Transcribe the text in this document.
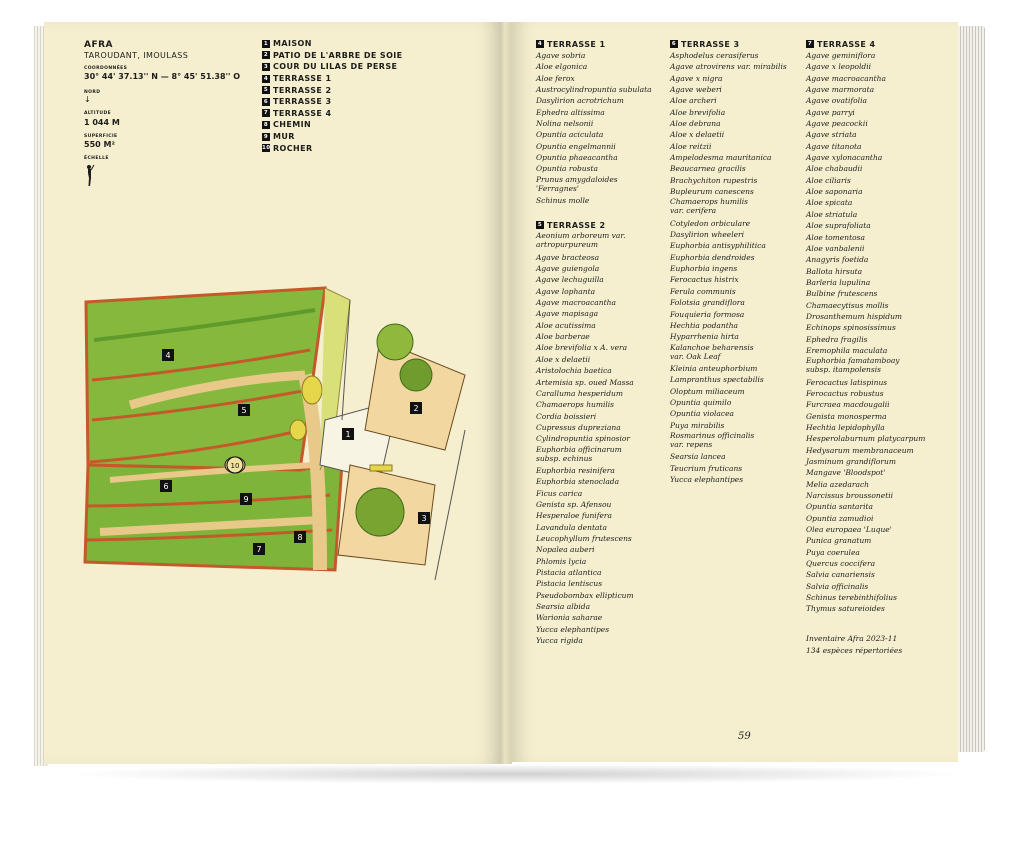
AFRA
TAROUDANT, IMOULASS
COORDONNÉES
30° 44' 37.13'' N — 8° 45' 51.38'' O
NORD
↓
ALTITUDE
1 044 M
SUPERFICIE
550 M²
ÉCHELLE
1 MAISON
2 PATIO DE L'ARBRE DE SOIE
3 COUR DU LILAS DE PERSE
4 TERRASSE 1
5 TERRASSE 2
6 TERRASSE 3
7 TERRASSE 4
8 CHEMIN
9 MUR
10 ROCHER
1
2
3
4
5
6
7
8
9
10
4 TERRASSE 1
Agave sobria
Aloe elgonica
Aloe ferox
Austrocylindropuntia subulata
Dasylirion acrotrichum
Ephedra altissima
Nolina nelsonii
Opuntia aciculata
Opuntia engelmannii
Opuntia phaeacantha
Opuntia robusta
Prunus amygdaloides 'Ferragnes'
Schinus molle
5 TERRASSE 2
Aeonium arboreum var. artropurpureum
Agave bracteosa
Agave guiengola
Agave lechuguilla
Agave lophanta
Agave macroacantha
Agave mapisaga
Aloe acutissima
Aloe barberae
Aloe brevifolia x A. vera
Aloe x delaetii
Aristolochia baetica
Artemisia sp. oued Massa
Caralluma hesperidum
Chamaerops humilis
Cordia boissieri
Cupressus dupreziana
Cylindropuntia spinosior
Euphorbia officinarum subsp. echinus
Euphorbia resinifera
Euphorbia stenoclada
Ficus carica
Genista sp. Afensou
Hesperaloe funifera
Lavandula dentata
Leucophyllum frutescens
Nopalea auberi
Phlomis lycia
Pistacia atlantica
Pistacia lentiscus
Pseudobombax ellipticum
Searsia albida
Warionia saharae
Yucca elephantipes
Yucca rigida
6 TERRASSE 3
Asphodelus cerasiferus
Agave atrovirens var. mirabilis
Agave x nigra
Agave weberi
Aloe archeri
Aloe brevifolia
Aloe debrana
Aloe x delaetii
Aloe reitzii
Ampelodesma mauritanica
Beaucarnea gracilis
Brachychiton rupestris
Bupleurum canescens
Chamaerops humilis var. cerifera
Cotyledon orbiculare
Dasylirion wheeleri
Euphorbia antisyphilitica
Euphorbia dendroides
Euphorbia ingens
Ferocactus histrix
Ferula communis
Folotsia grandiflora
Fouquieria formosa
Hechtia podantha
Hyparrhenia hirta
Kalanchoe beharensis var. Oak Leaf
Kleinia anteuphorbium
Lampranthus spectabilis
Oloptum miliaceum
Opuntia quimilo
Opuntia violacea
Puya mirabilis
Rosmarinus officinalis var. repens
Searsia lancea
Teucrium fruticans
Yucca elephantipes
7 TERRASSE 4
Agave geminiflora
Agave x leopoldii
Agave macroacantha
Agave marmorata
Agave ovatifolia
Agave parryi
Agave peacockii
Agave striata
Agave titanota
Agave xylonacantha
Aloe chabaudii
Aloe ciliaris
Aloe saponaria
Aloe spicata
Aloe striatula
Aloe suprafoliata
Aloe tomentosa
Aloe vanbalenii
Anagyris foetida
Ballota hirsuta
Barleria lupulina
Bulbine frutescens
Chamaecytisus mollis
Drosanthemum hispidum
Echinops spinosissimus
Ephedra fragilis
Eremophila maculata
Euphorbia famatamboay subsp. itampolensis
Ferocactus latispinus
Ferocactus robustus
Furcraea macdougalii
Genista monosperma
Hechtia lepidophylla
Hesperolaburnum platycarpum
Hedysarum membranaceum
Jasminum grandiflorum
Mangave 'Bloodspot'
Melia azedarach
Narcissus broussonetii
Opuntia santarita
Opuntia zamudioi
Olea europaea 'Luque'
Punica granatum
Puya coerulea
Quercus coccifera
Salvia canariensis
Salvia officinalis
Schinus terebinthifolius
Thymus satureioides
Inventaire Afra 2023-11
134 espèces répertoriées
59
